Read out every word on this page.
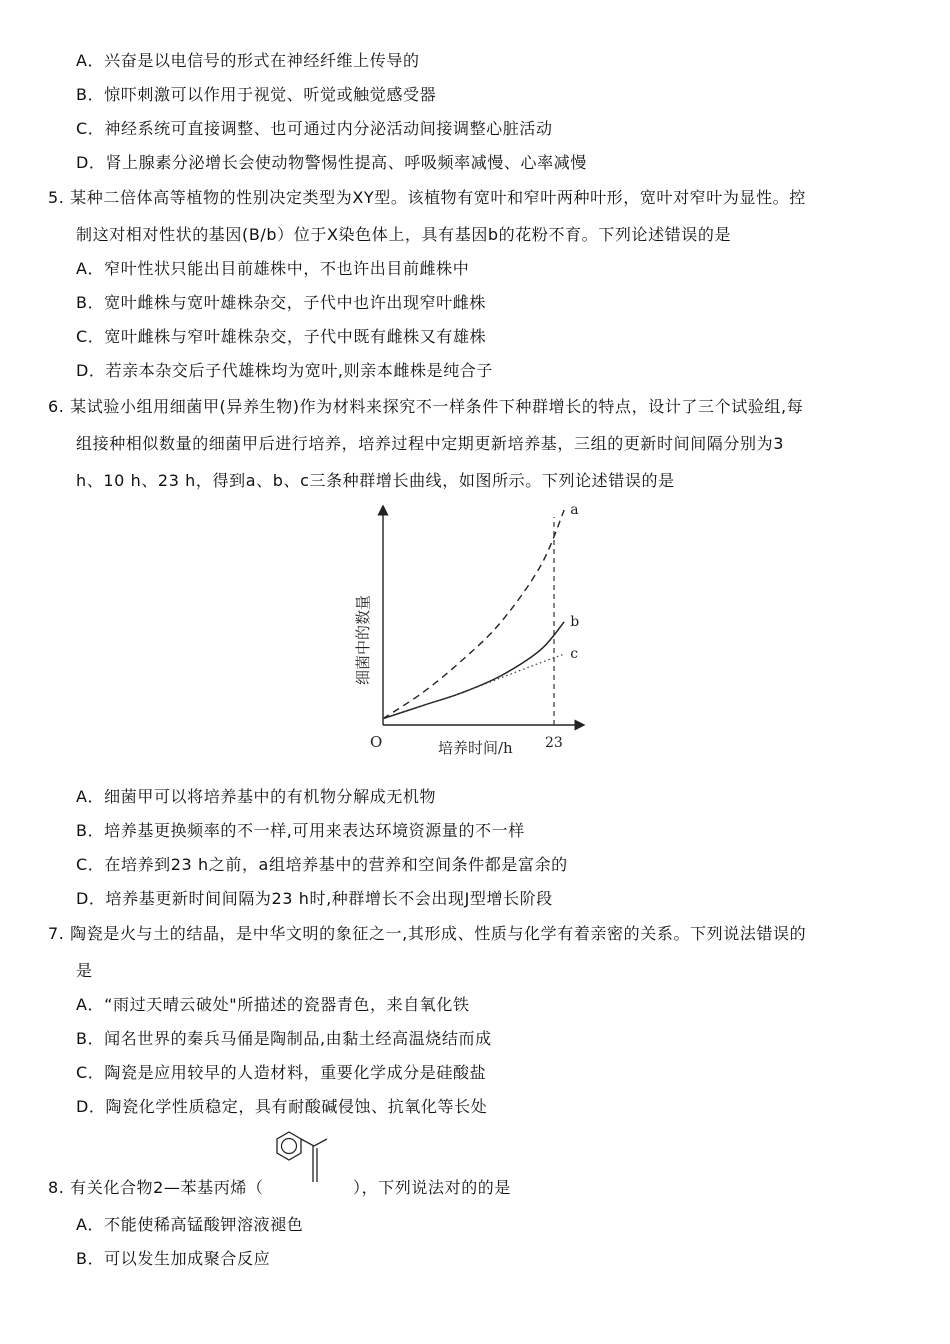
A．兴奋是以电信号的形式在神经纤维上传导的
B．惊吓刺激可以作用于视觉、听觉或触觉感受器
C．神经系统可直接调整、也可通过内分泌活动间接调整心脏活动
D．肾上腺素分泌增长会使动物警惕性提高、呼吸频率减慢、心率减慢
5. 某种二倍体高等植物的性别决定类型为XY型。该植物有宽叶和窄叶两种叶形，宽叶对窄叶为显性。控
制这对相对性状的基因(B/b）位于X染色体上，具有基因b的花粉不育。下列论述错误的是
A．窄叶性状只能出目前雄株中，不也许出目前雌株中
B．宽叶雌株与宽叶雄株杂交，子代中也许出现窄叶雌株
C．宽叶雌株与窄叶雄株杂交，子代中既有雌株又有雄株
D．若亲本杂交后子代雄株均为宽叶,则亲本雌株是纯合子
6. 某试验小组用细菌甲(异养生物)作为材料来探究不一样条件下种群增长的特点，设计了三个试验组,每
组接种相似数量的细菌甲后进行培养，培养过程中定期更新培养基，三组的更新时间间隔分别为3
h、10 h、23 h，得到a、b、c三条种群增长曲线，如图所示。下列论述错误的是
a
b
c
O	23
培养时间/h
细菌中的数量
A．细菌甲可以将培养基中的有机物分解成无机物
B．培养基更换频率的不一样,可用来表达环境资源量的不一样
C．在培养到23 h之前，a组培养基中的营养和空间条件都是富余的
D．培养基更新时间间隔为23 h时,种群增长不会出现J型增长阶段
7. 陶瓷是火与土的结晶，是中华文明的象征之一,其形成、性质与化学有着亲密的关系。下列说法错误的
是
A．“雨过天晴云破处"所描述的瓷器青色，来自氧化铁
B．闻名世界的秦兵马俑是陶制品,由黏土经高温烧结而成
C．陶瓷是应用较早的人造材料，重要化学成分是硅酸盐
D．陶瓷化学性质稳定，具有耐酸碱侵蚀、抗氧化等长处
8. 有关化合物2—苯基丙烯（	），下列说法对的的是
A．不能使稀高锰酸钾溶液褪色
B．可以发生加成聚合反应
